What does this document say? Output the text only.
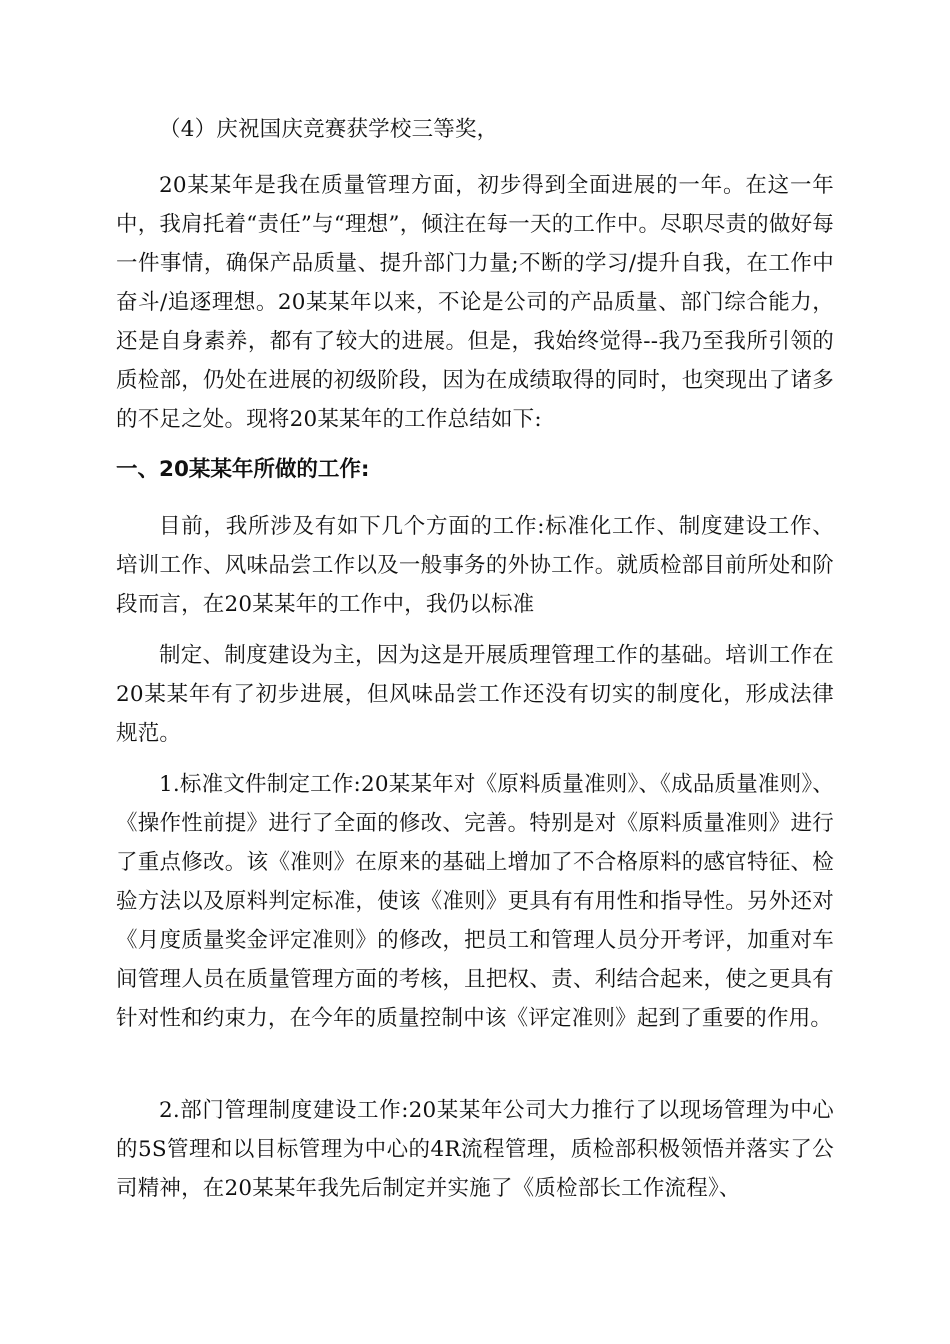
（4）庆祝国庆竞赛获学校三等奖，

20某某年是我在质量管理方面，初步得到全面进展的一年。在这一年中，我肩托着“责任”与“理想”，倾注在每一天的工作中。尽职尽责的做好每一件事情，确保产品质量、提升部门力量;不断的学习/提升自我，在工作中奋斗/追逐理想。20某某年以来，不论是公司的产品质量、部门综合能力，还是自身素养，都有了较大的进展。但是，我始终觉得--我乃至我所引领的质检部，仍处在进展的初级阶段，因为在成绩取得的同时，也突现出了诸多的不足之处。现将20某某年的工作总结如下:

一、20某某年所做的工作:

目前，我所涉及有如下几个方面的工作:标准化工作、制度建设工作、培训工作、风味品尝工作以及一般事务的外协工作。就质检部目前所处和阶段而言，在20某某年的工作中，我仍以标准

制定、制度建设为主，因为这是开展质理管理工作的基础。培训工作在20某某年有了初步进展，但风味品尝工作还没有切实的制度化，形成法律规范。

1.标准文件制定工作:20某某年对《原料质量准则》、《成品质量准则》、《操作性前提》进行了全面的修改、完善。特别是对《原料质量准则》进行了重点修改。该《准则》在原来的基础上增加了不合格原料的感官特征、检验方法以及原料判定标准，使该《准则》更具有有用性和指导性。另外还对《月度质量奖金评定准则》的修改，把员工和管理人员分开考评，加重对车间管理人员在质量管理方面的考核，且把权、责、利结合起来，使之更具有针对性和约束力，在今年的质量控制中该《评定准则》起到了重要的作用。

2.部门管理制度建设工作:20某某年公司大力推行了以现场管理为中心的5S管理和以目标管理为中心的4R流程管理，质检部积极领悟并落实了公司精神，在20某某年我先后制定并实施了《质检部长工作流程》、
